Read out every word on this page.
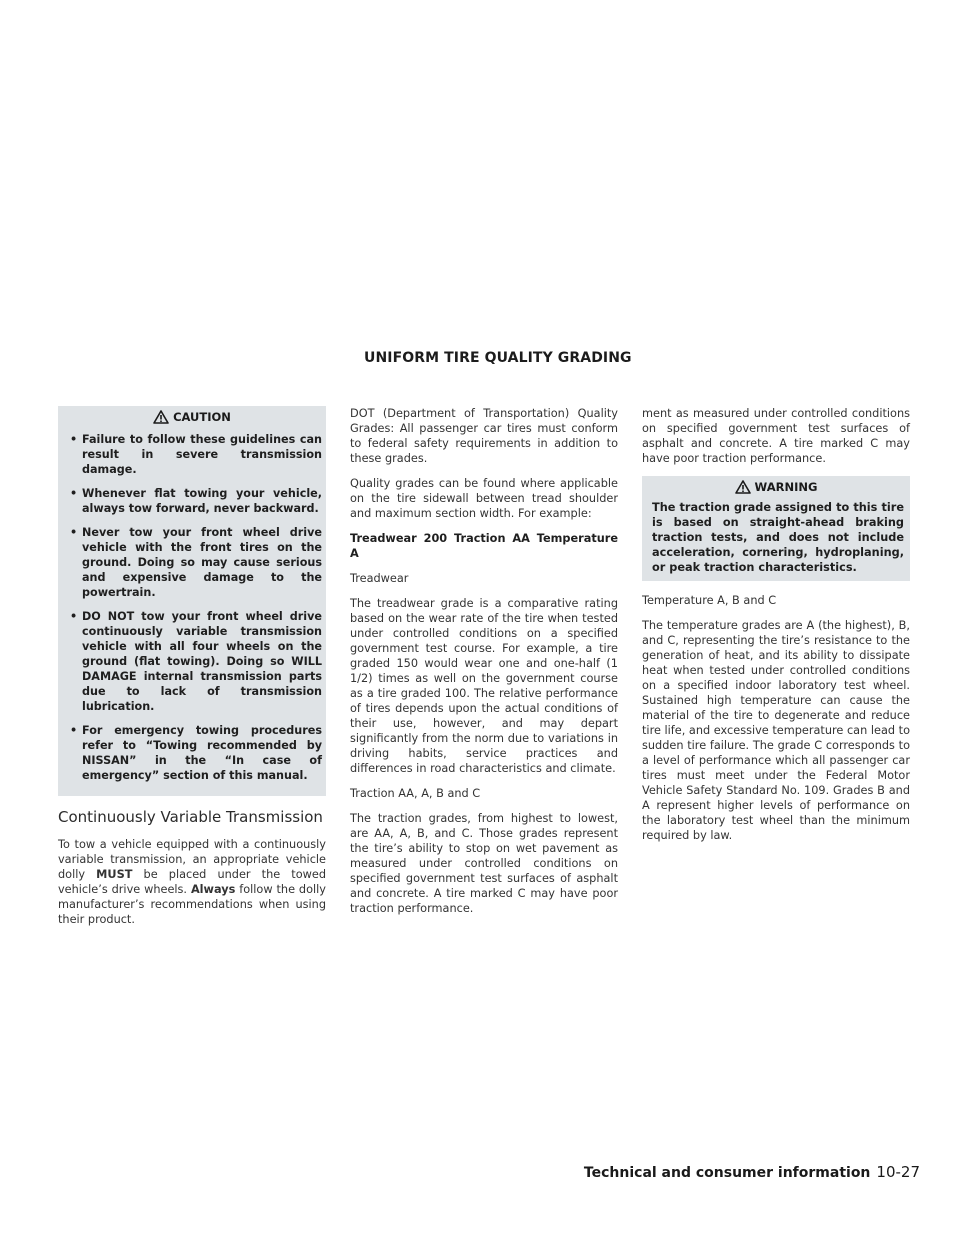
UNIFORM TIRE QUALITY GRADING
CAUTION
• Failure to follow these guidelines can result in severe transmission damage.
• Whenever flat towing your vehicle, always tow forward, never backward.
• Never tow your front wheel drive vehicle with the front tires on the ground. Doing so may cause serious and expensive damage to the powertrain.
• DO NOT tow your front wheel drive continuously variable transmission vehicle with all four wheels on the ground (flat towing). Doing so WILL DAMAGE internal transmission parts due to lack of transmission lubrication.
• For emergency towing procedures refer to “Towing recommended by NISSAN” in the “In case of emergency” section of this manual.
Continuously Variable Transmission

To tow a vehicle equipped with a continuously variable transmission, an appropriate vehicle dolly MUST be placed under the towed vehicle’s drive wheels. Always follow the dolly manufacturer’s recommendations when using their product.

DOT (Department of Transportation) Quality Grades: All passenger car tires must conform to federal safety requirements in addition to these grades.

Quality grades can be found where applicable on the tire sidewall between tread shoulder and maximum section width. For example:

Treadwear 200 Traction AA Temperature A

Treadwear

The treadwear grade is a comparative rating based on the wear rate of the tire when tested under controlled conditions on a specified government test course. For example, a tire graded 150 would wear one and one-half (1 1/2) times as well on the government course as a tire graded 100. The relative performance of tires depends upon the actual conditions of their use, however, and may depart significantly from the norm due to variations in driving habits, service practices and differences in road characteristics and climate.

Traction AA, A, B and C

The traction grades, from highest to lowest, are AA, A, B, and C. Those grades represent the tire’s ability to stop on wet pavement as measured under controlled conditions on specified government test surfaces of asphalt and concrete. A tire marked C may have poor traction performance.

ment as measured under controlled conditions on specified government test surfaces of asphalt and concrete. A tire marked C may have poor traction performance.

WARNING
The traction grade assigned to this tire is based on straight-ahead braking traction tests, and does not include acceleration, cornering, hydroplaning, or peak traction characteristics.

Temperature A, B and C

The temperature grades are A (the highest), B, and C, representing the tire’s resistance to the generation of heat, and its ability to dissipate heat when tested under controlled conditions on a specified indoor laboratory test wheel. Sustained high temperature can cause the material of the tire to degenerate and reduce tire life, and excessive temperature can lead to sudden tire failure. The grade C corresponds to a level of performance which all passenger car tires must meet under the Federal Motor Vehicle Safety Standard No. 109. Grades B and A represent higher levels of performance on the laboratory test wheel than the minimum required by law.

Technical and consumer information 10-27
